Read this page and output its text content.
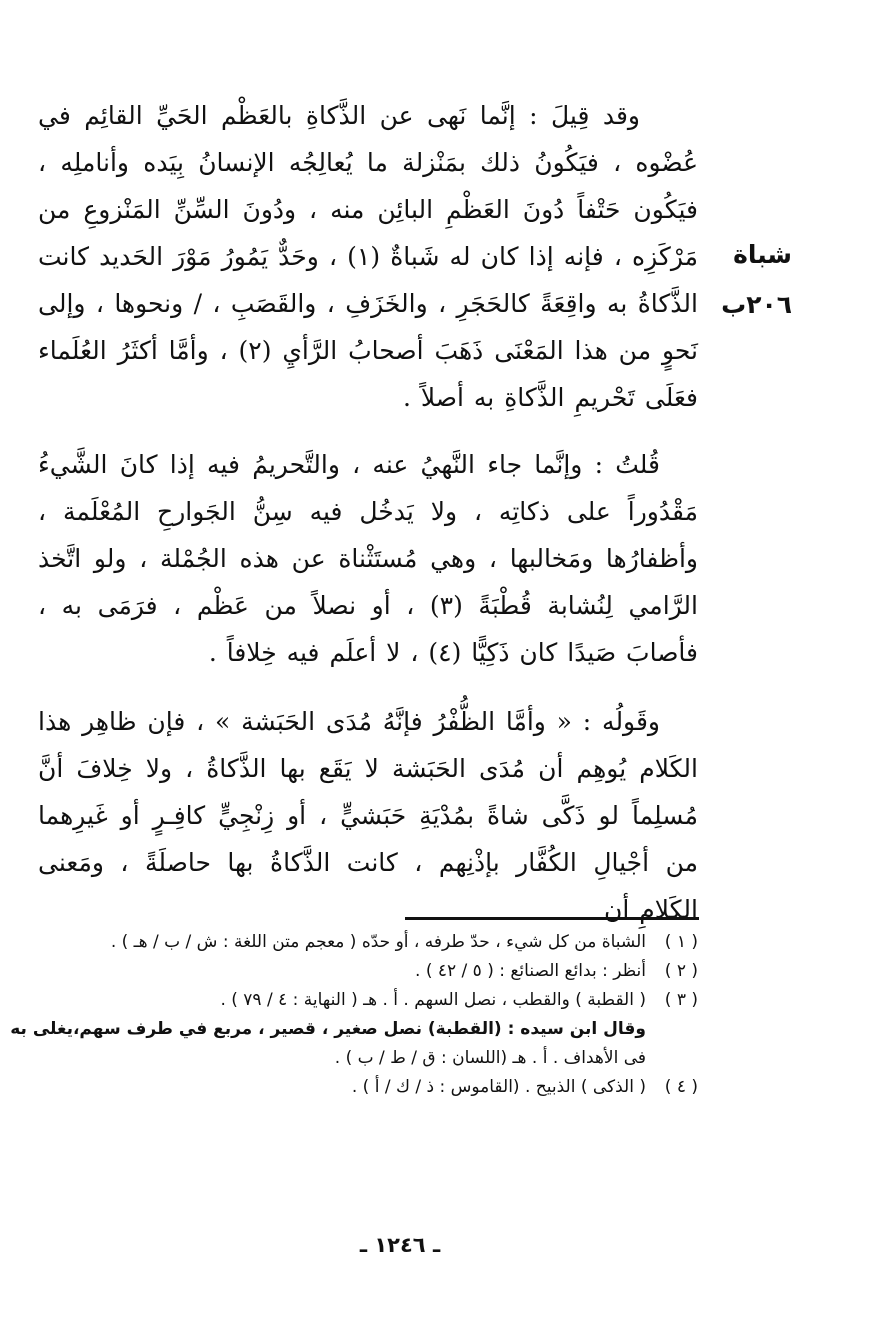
وقد قِيلَ : إنَّما نَهى عن الذَّكاةِ بالعَظْم الحَيِّ القائِم في عُضْوه ، فيَكُونُ ذلك بمَنْزلة ما يُعالِجُه الإنسانُ بِيَده وأناملِه ، فيَكُون حَتْفاً دُونَ العَظْمِ البائِن منه ، ودُونَ السِّنِّ المَنْزوعِ من مَرْكَزِه ، فإنه إذا كان له شَباةٌ (١) ، وحَدٌّ يَمُورُ مَوْرَ الحَديد كانت الذَّكاةُ به واقِعَةً كالحَجَرِ ، والخَزَفِ ، والقَصَبِ ، / ونحوها ، وإلى نَحوٍ من هذا المَعْنَى ذَهَبَ أصحابُ الرَّأيِ (٢) ، وأمَّا أكثَرُ العُلَماء فعَلَى تَحْريمِ الذَّكاةِ به أصلاً .

قُلتُ : وإنَّما جاء النَّهيُ عنه ، والتَّحريمُ فيه إذا كانَ الشَّيءُ مَقْدُوراً على ذكاتِه ، ولا يَدخُل فيه سِنُّ الجَوارحِ المُعْلَمة ، وأظفارُها ومَخالبها ، وهي مُستَثْناة عن هذه الجُمْلة ، ولو اتَّخذ الرَّامي لِنُشابة قُطْبَةً (٣) ، أو نصلاً من عَظْم ، فرَمَى به ، فأصابَ صَيدًا كان ذَكِيًّا (٤) ، لا أعلَم فيه خِلافاً .

وقَولُه : « وأمَّا الظُّفْرُ فإنَّهُ مُدَى الحَبَشة » ، فإن ظاهِر هذا الكَلام يُوهِم أن مُدَى الحَبَشة لا يَقَع بها الذَّكاةُ ، ولا خِلافَ أنَّ مُسلِماً لو ذَكَّى شاةً بمُدْيَةِ حَبَشيٍّ ، أو زِنْجِيٍّ كافِـرٍ أو غَيرِهما من أجْيالِ الكُفَّار بإذْنِهم ، كانت الذَّكاةُ بها حاصلَةً ، ومَعنى الكَلامِ أن

شباة
٢٠٦ب
( ١ )الشباة من كل شيء ، حدّ طرفه ، أو حدّه ( معجم متن اللغة : ش / ب / هـ ) .
( ٢ )أنظر : بدائع الصنائع : ( ٥ / ٤٢ ) .
( ٣ )( القطبة ) والقطب ، نصل السهم . أ . هـ ( النهاية : ٤ / ٧٩ ) .
وقال ابن سيده : (القطبة) نصل صغير ، قصير ، مربع في طرف سهم،يغلى به
فى الأهداف . أ . هـ (اللسان : ق / ط / ب ) .
( ٤ )( الذكى ) الذبيح . (القاموس : ذ / ك / أ ) .
ـ ١٢٤٦ ـ
